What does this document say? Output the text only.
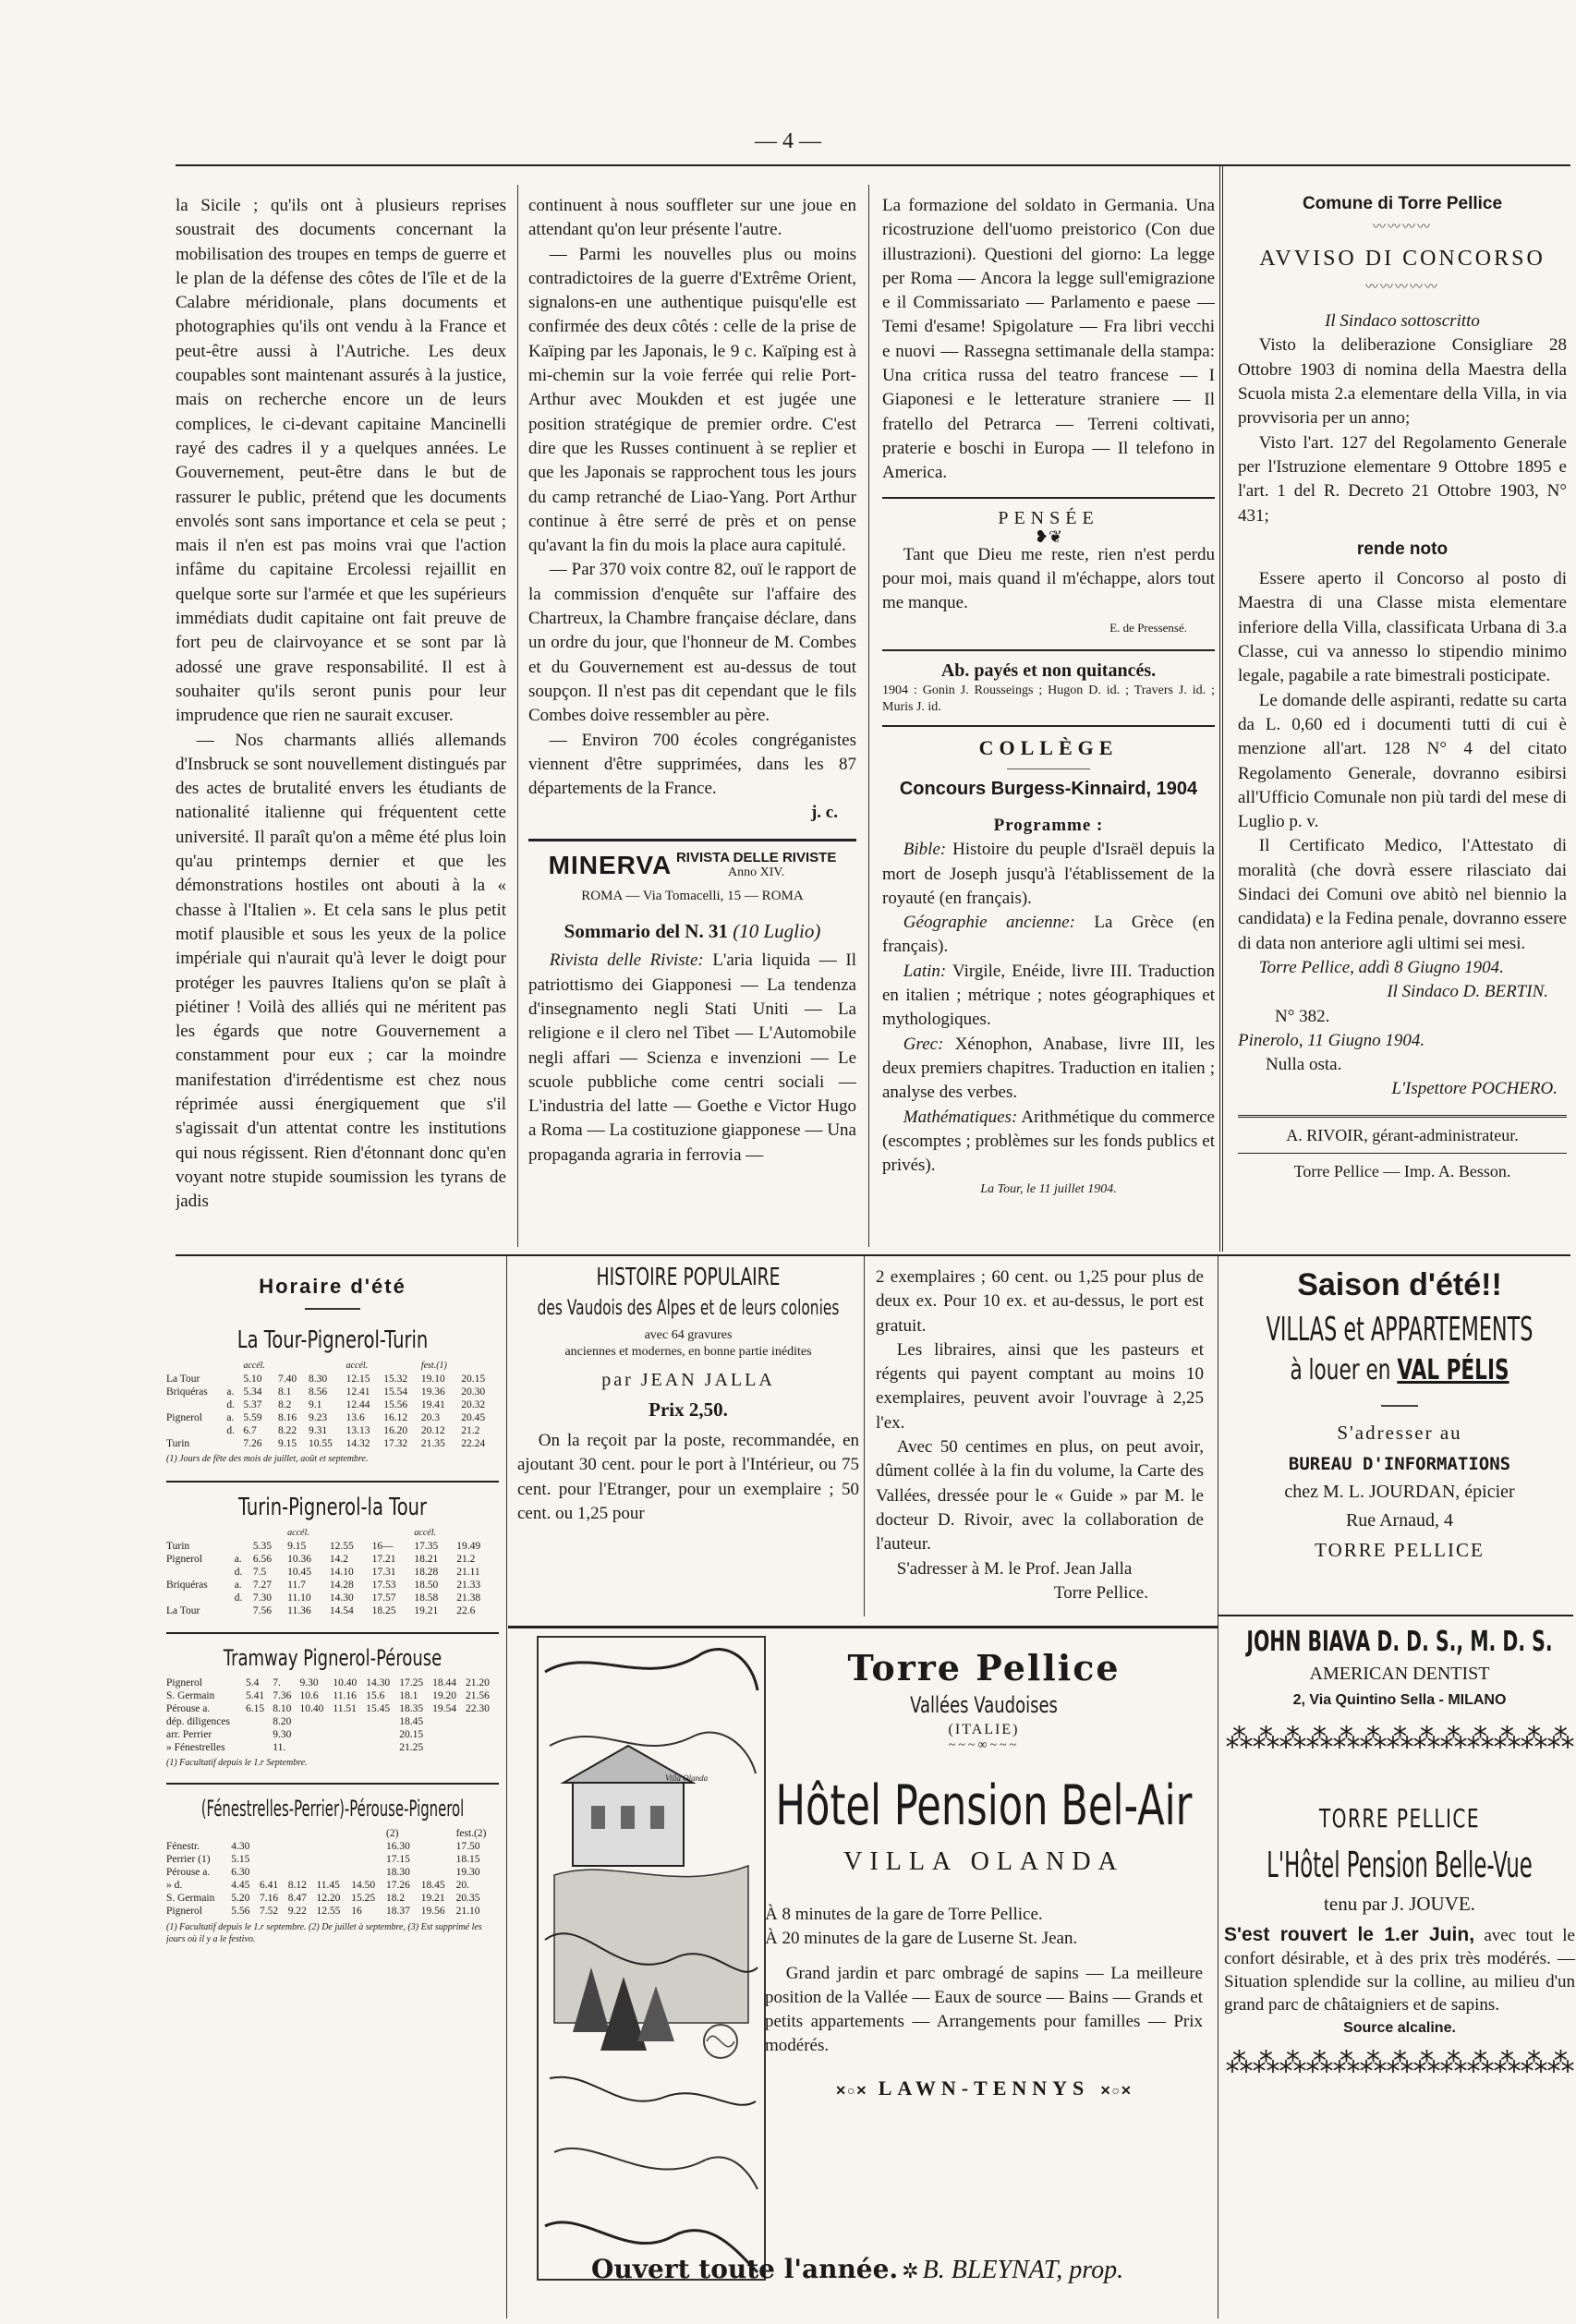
— 4 —

la Sicile ; qu'ils ont à plusieurs reprises soustrait des documents concernant la mobilisation des troupes en temps de guerre et le plan de la défense des côtes de l'île et de la Calabre méridionale, plans documents et photographies qu'ils ont vendu à la France et peut-être aussi à l'Autriche. Les deux coupables sont maintenant assurés à la justice, mais on recherche encore un de leurs complices, le ci-devant capitaine Mancinelli rayé des cadres il y a quelques années. Le Gouvernement, peut-être dans le but de rassurer le public, prétend que les documents envolés sont sans importance et cela se peut ; mais il n'en est pas moins vrai que l'action infâme du capitaine Ercolessi rejaillit en quelque sorte sur l'armée et que les supérieurs immédiats dudit capitaine ont fait preuve de fort peu de clairvoyance et se sont par là adossé une grave responsabilité. Il est à souhaiter qu'ils seront punis pour leur imprudence que rien ne saurait excuser.

— Nos charmants alliés allemands d'Insbruck se sont nouvellement distingués par des actes de brutalité envers les étudiants de nationalité italienne qui fréquentent cette université. Il paraît qu'on a même été plus loin qu'au printemps dernier et que les démonstrations hostiles ont abouti à la « chasse à l'Italien ». Et cela sans le plus petit motif plausible et sous les yeux de la police impériale qui n'aurait qu'à lever le doigt pour protéger les pauvres Italiens qu'on se plaît à piétiner ! Voilà des alliés qui ne méritent pas les égards que notre Gouvernement a constamment pour eux ; car la moindre manifestation d'irrédentisme est chez nous réprimée aussi énergiquement que s'il s'agissait d'un attentat contre les institutions qui nous régissent. Rien d'étonnant donc qu'en voyant notre stupide soumission les tyrans de jadis

continuent à nous souffleter sur une joue en attendant qu'on leur présente l'autre.

— Parmi les nouvelles plus ou moins contradictoires de la guerre d'Extrême Orient, signalons-en une authentique puisqu'elle est confirmée des deux côtés : celle de la prise de Kaïping par les Japonais, le 9 c. Kaïping est à mi-chemin sur la voie ferrée qui relie Port-Arthur avec Moukden et est jugée une position stratégique de premier ordre. C'est dire que les Russes continuent à se replier et que les Japonais se rapprochent tous les jours du camp retranché de Liao-Yang. Port Arthur continue à être serré de près et on pense qu'avant la fin du mois la place aura capitulé.

— Par 370 voix contre 82, ouï le rapport de la commission d'enquête sur l'affaire des Chartreux, la Chambre française déclare, dans un ordre du jour, que l'honneur de M. Combes et du Gouvernement est au-dessus de tout soupçon. Il n'est pas dit cependant que le fils Combes doive ressembler au père.

— Environ 700 écoles congréganistes viennent d'être supprimées, dans les 87 départements de la France.

j. c.
MINERVA RIVISTA DELLE RIVISTE
Anno XIV.
ROMA — Via Tomacelli, 15 — ROMA
Sommario del N. 31 (10 Luglio)

Rivista delle Riviste: L'aria liquida — Il patriottismo dei Giapponesi — La tendenza d'insegnamento negli Stati Uniti — La religione e il clero nel Tibet — L'Automobile negli affari — Scienza e invenzioni — Le scuole pubbliche come centri sociali — L'industria del latte — Goethe e Victor Hugo a Roma — La costituzione giapponese — Una propaganda agraria in ferrovia —

La formazione del soldato in Germania. Una ricostruzione dell'uomo preistorico (Con due illustrazioni). Questioni del giorno: La legge per Roma — Ancora la legge sull'emigrazione e il Commissariato — Parlamento e paese — Temi d'esame! Spigolature — Fra libri vecchi e nuovi — Rassegna settimanale della stampa: Una critica russa del teatro francese — I Giaponesi e le letterature straniere — Il fratello del Petrarca — Terreni coltivati, praterie e boschi in Europa — Il telefono in America.

PENSÉE
❥❦

Tant que Dieu me reste, rien n'est perdu pour moi, mais quand il m'échappe, alors tout me manque.

E. de Pressensé.
Ab. payés et non quitancés.

1904 : Gonin J. Rousseings ; Hugon D. id. ; Travers J. id. ; Muris J. id.

COLLÈGE
Concours Burgess-Kinnaird, 1904
Programme :

Bible: Histoire du peuple d'Israël depuis la mort de Joseph jusqu'à l'établissement de la royauté (en français).

Géographie ancienne: La Grèce (en français).

Latin: Virgile, Enéide, livre III. Traduction en italien ; métrique ; notes géographiques et mythologiques.

Grec: Xénophon, Anabase, livre III, les deux premiers chapitres. Traduction en italien ; analyse des verbes.

Mathématiques: Arithmétique du commerce (escomptes ; problèmes sur les fonds publics et privés).

La Tour, le 11 juillet 1904.
Comune di Torre Pellice
〰〰〰〰
AVVISO DI CONCORSO
〰〰〰〰〰
Il Sindaco sottoscritto

Visto la deliberazione Consigliare 28 Ottobre 1903 di nomina della Maestra della Scuola mista 2.a elementare della Villa, in via provvisoria per un anno;

Visto l'art. 127 del Regolamento Generale per l'Istruzione elementare 9 Ottobre 1895 e l'art. 1 del R. Decreto 21 Ottobre 1903, N° 431;

rende noto

Essere aperto il Concorso al posto di Maestra di una Classe mista elementare inferiore della Villa, classificata Urbana di 3.a Classe, cui va annesso lo stipendio minimo legale, pagabile a rate bimestrali posticipate.

Le domande delle aspiranti, redatte su carta da L. 0,60 ed i documenti tutti di cui è menzione all'art. 128 N° 4 del citato Regolamento Generale, dovranno esibirsi all'Ufficio Comunale non più tardi del mese di Luglio p. v.

Il Certificato Medico, l'Attestato di moralità (che dovrà essere rilasciato dai Sindaci dei Comuni ove abitò nel biennio la candidata) e la Fedina penale, dovranno essere di data non anteriore agli ultimi sei mesi.

Torre Pellice, addì 8 Giugno 1904.

Il Sindaco D. BERTIN.
N° 382.
Pinerolo, 11 Giugno 1904.
Nulla osta.
L'Ispettore POCHERO.
A. RIVOIR, gérant-administrateur.
Torre Pellice — Imp. A. Besson.
Horaire d'été
La Tour-Pignerol-Turin
		accél.			accél.		fest.(1)	
La Tour		5.10	7.40	8.30	12.15	15.32	19.10	20.15
Briquéras	a.	5.34	8.1	8.56	12.41	15.54	19.36	20.30
	d.	5.37	8.2	9.1	12.44	15.56	19.41	20.32
Pignerol	a.	5.59	8.16	9.23	13.6	16.12	20.3	20.45
	d.	6.7	8.22	9.31	13.13	16.20	20.12	21.2
Turin		7.26	9.15	10.55	14.32	17.32	21.35	22.24
(1) Jours de fête des mois de juillet, août et septembre.
Turin-Pignerol-la Tour
			accél.			accél.	
Turin		5.35	9.15	12.55	16—	17.35	19.49
Pignerol	a.	6.56	10.36	14.2	17.21	18.21	21.2
	d.	7.5	10.45	14.10	17.31	18.28	21.11
Briquéras	a.	7.27	11.7	14.28	17.53	18.50	21.33
	d.	7.30	11.10	14.30	17.57	18.58	21.38
La Tour		7.56	11.36	14.54	18.25	19.21	22.6
Tramway Pignerol-Pérouse
Pignerol	5.4	7.	9.30	10.40	14.30	17.25	18.44	21.20
S. Germain	5.41	7.36	10.6	11.16	15.6	18.1	19.20	21.56
Pérouse a.	6.15	8.10	10.40	11.51	15.45	18.35	19.54	22.30
dép. diligences		8.20				18.45		
arr. Perrier		9.30				20.15		
» Fénestrelles		11.				21.25		
(1) Facultatif depuis le 1.r Septembre.
(Fénestrelles-Perrier)-Pérouse-Pignerol
						(2)		fest.(2)
Fénestr.	4.30					16.30		17.50
Perrier (1)	5.15					17.15		18.15
Pérouse a.	6.30					18.30		19.30
» d.	4.45	6.41	8.12	11.45	14.50	17.26	18.45	20.
S. Germain	5.20	7.16	8.47	12.20	15.25	18.2	19.21	20.35
Pignerol	5.56	7.52	9.22	12.55	16	18.37	19.56	21.10
(1) Facultatif depuis le 1.r septembre. (2) De juillet à septembre, (3) Est supprimé les jours où il y a le festivo.
HISTOIRE POPULAIRE
des Vaudois des Alpes et de leurs colonies
avec 64 gravures
anciennes et modernes, en bonne partie inédites
par JEAN JALLA
Prix 2,50.

On la reçoit par la poste, recommandée, en ajoutant 30 cent. pour le port à l'Intérieur, ou 75 cent. pour l'Etranger, pour un exemplaire ; 50 cent. ou 1,25 pour

2 exemplaires ; 60 cent. ou 1,25 pour plus de deux ex. Pour 10 ex. et au-dessus, le port est gratuit.

Les libraires, ainsi que les pasteurs et régents qui payent comptant au moins 10 exemplaires, peuvent avoir l'ouvrage à 2,25 l'ex.

Avec 50 centimes en plus, on peut avoir, dûment collée à la fin du volume, la Carte des Vallées, dressée pour le « Guide » par M. le docteur D. Rivoir, avec la collaboration de l'auteur.

S'adresser à M. le Prof. Jean Jalla

Torre Pellice.
Villa Olanda
Torre Pellice
Vallées Vaudoises
(ITALIE)
~~~∞~~~
Hôtel Pension Bel-Air
VILLA OLANDA
À 8 minutes de la gare de Torre Pellice.
À 20 minutes de la gare de Luserne St. Jean.
Grand jardin et parc ombragé de sapins — La meilleure position de la Vallée — Eaux de source — Bains — Grands et petits appartements — Arrangements pour familles — Prix modérés.
✕○✕ LAWN-TENNYS ✕○✕
Ouvert toute l'année. ✲ B. BLEYNAT, prop.
Saison d'été!!
VILLAS et APPARTEMENTS
à louer en VAL PÉLIS
S'adresser au
BUREAU D'INFORMATIONS
chez M. L. JOURDAN, épicier
Rue Arnaud, 4
TORRE PELLICE
JOHN BIAVA D. D. S., M. D. S.
AMERICAN DENTIST
2, Via Quintino Sella - MILANO
⁂⁂⁂⁂⁂⁂⁂⁂⁂⁂⁂⁂⁂
TORRE PELLICE
L'Hôtel Pension Belle-Vue
tenu par J. JOUVE.
S'est rouvert le 1.er Juin, avec tout le confort désirable, et à des prix très modérés. — Situation splendide sur la colline, au milieu d'un grand parc de châtaigniers et de sapins.
Source alcaline.
⁂⁂⁂⁂⁂⁂⁂⁂⁂⁂⁂⁂⁂
